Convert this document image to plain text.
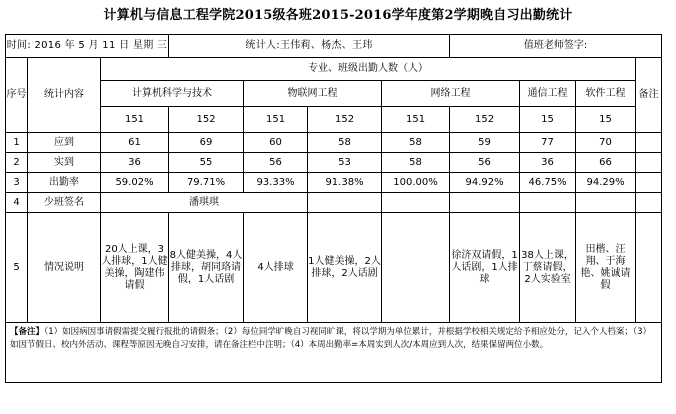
计算机与信息工程学院2015级各班2015-2016学年度第2学期晚自习出勤统计
时间: 2016 年 5 月 11 日 星期 三			统计人:王伟莉、杨杰、王玮				值班老师签字:			
序号	统计内容	专业、班级出勤人数（人）								备注
		计算机科学与技术		物联网工程		网络工程		通信工程	软件工程	
		151	152	151	152	151	152	15	15	
1	应到	61	69	60	58	58	59	77	70	
2	实到	36	55	56	53	58	56	36	66	
3	出勤率	59.02%	79.71%	93.33%	91.38%	100.00%	94.92%	46.75%	94.29%	
4	少班签名	潘琪琪								
5	情况说明	20人上课，3人排球，1人健美操，陶建伟请假	8人健美操，4人排球，胡同珞请假，1人话剧	4人排球	1人健美操，2人排球，2人话剧		徐济双请假，1人话剧，1人排球	38人上课，丁蔡请假，2人实验室	田楷、汪翔、于海艳、姚诚请假	
【备注】（1）如因病因事请假需提交履行报批的请假条；（2）每位同学旷晚自习视同旷课，将以学期为单位累计，并根据学校相关规定给予相应处分，记入个人档案；（3）如因节假日、校内外活动、课程等原因无晚自习安排，请在备注栏中注明；（4）本周出勤率=本周实到人次/本周应到人次，结果保留两位小数。										
